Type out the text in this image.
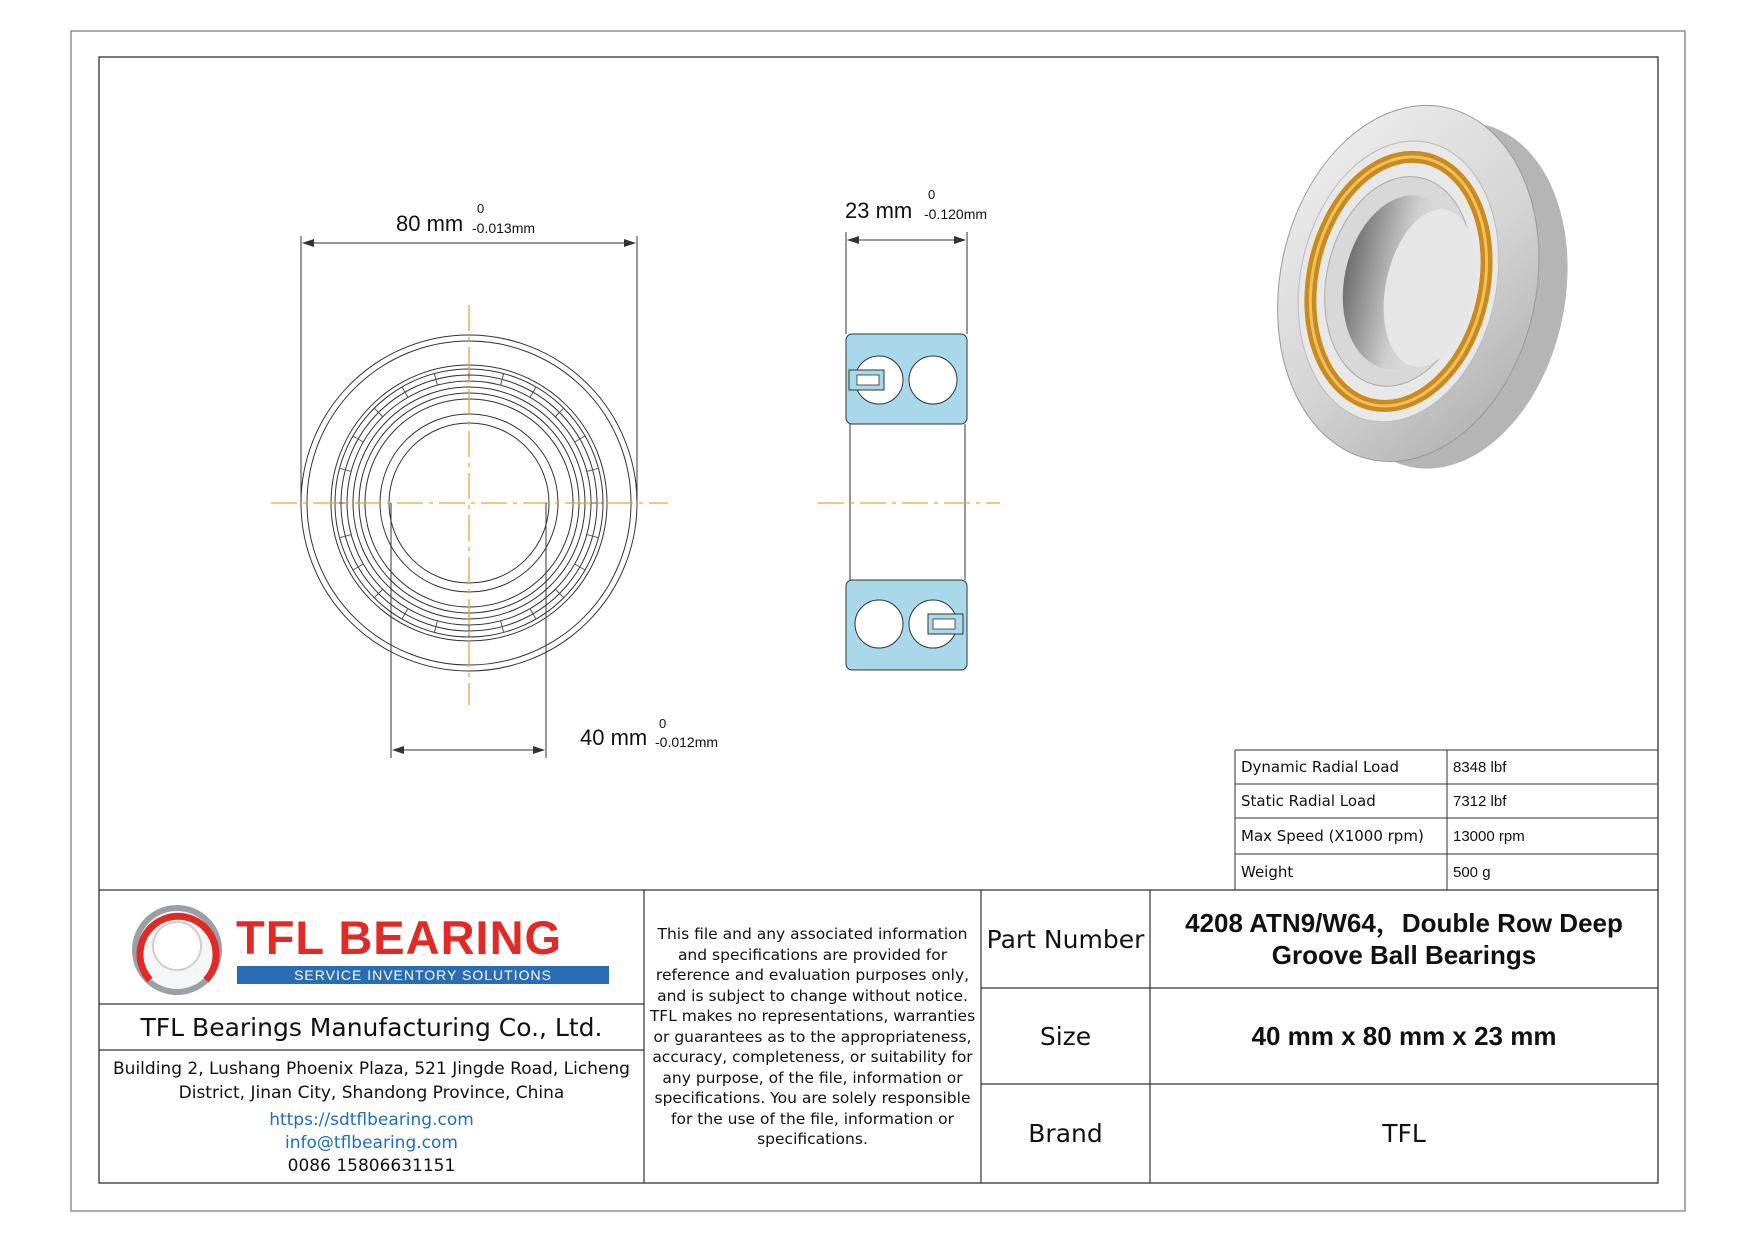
80 mm
0
-0.013mm
23 mm
0
-0.120mm
40 mm
0
-0.012mm
Dynamic Radial Load	8348 lbf
Static Radial Load	7312 lbf
Max Speed (X1000 rpm) 13000 rpm
Weight	500 g
TFL BEARING
SERVICE INVENTORY SOLUTIONS
TFL Bearings Manufacturing Co., Ltd.
Building 2, Lushang Phoenix Plaza, 521 Jingde Road, Licheng District, Jinan City, Shandong Province, China
https://sdtflbearing.com
info@tflbearing.com
0086 15806631151
This file and any associated information and specifications are provided for reference and evaluation purposes only, and is subject to change without notice. TFL makes no representations, warranties or guarantees as to the appropriateness, accuracy, completeness, or suitability for any purpose, of the file, information or specifications. You are solely responsible for the use of the file, information or specifications.
Part Number
4208 ATN9/W64，Double Row Deep Groove Ball Bearings
Size	40 mm x 80 mm x 23 mm
Brand	TFL
